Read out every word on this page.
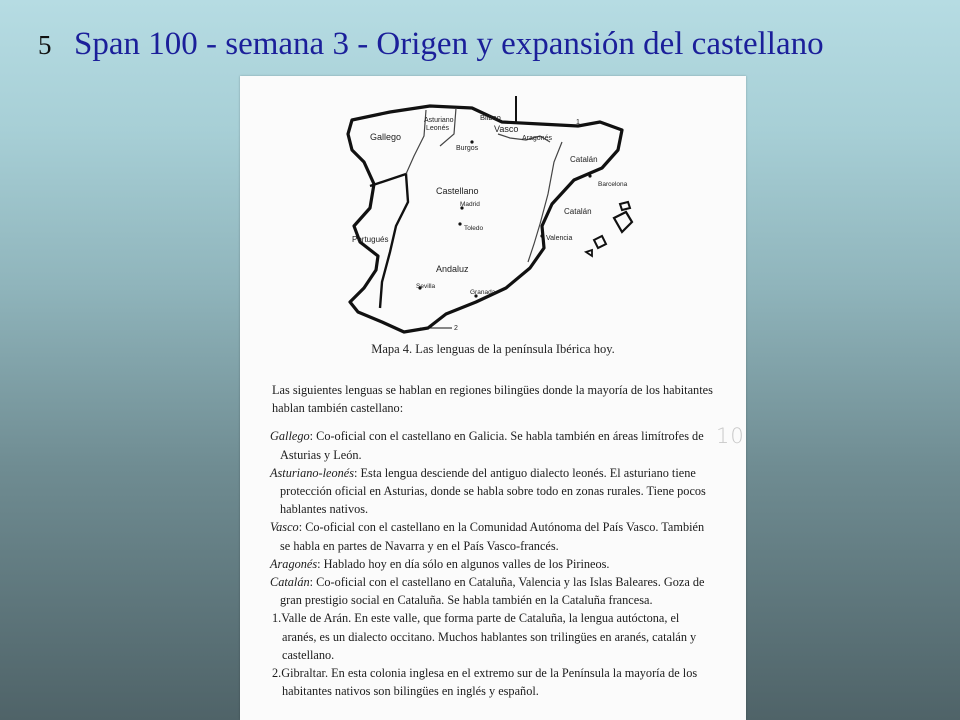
5 Span 100 - semana 3 - Origen y expansión del castellano
Gallego
Asturiano
Leonés
Bilbao
Vasco
Aragonés
1
Burgos
Catalán
Barcelona
Castellano
Madrid
Toledo
Catalán
Valencia
Portugués
Andaluz
Sevilla
Granada
2
Mapa 4. Las lenguas de la península Ibérica hoy.

Las siguientes lenguas se hablan en regiones bilingües donde la mayoría de los habitantes hablan también castellano:

Gallego: Co-oficial con el castellano en Galicia. Se habla también en áreas limítrofes de Asturias y León.

Asturiano-leonés: Esta lengua desciende del antiguo dialecto leonés. El asturiano tiene protección oficial en Asturias, donde se habla sobre todo en zonas rurales. Tiene pocos hablantes nativos.

Vasco: Co-oficial con el castellano en la Comunidad Autónoma del País Vasco. También se habla en partes de Navarra y en el País Vasco-francés.

Aragonés: Hablado hoy en día sólo en algunos valles de los Pirineos.

Catalán: Co-oficial con el castellano en Cataluña, Valencia y las Islas Baleares. Goza de gran prestigio social en Cataluña. Se habla también en la Cataluña francesa.

1.Valle de Arán. En este valle, que forma parte de Cataluña, la lengua autóctona, el aranés, es un dialecto occitano. Muchos hablantes son trilingües en aranés, catalán y castellano.

2.Gibraltar. En esta colonia inglesa en el extremo sur de la Península la mayoría de los habitantes nativos son bilingües en inglés y español.

10
